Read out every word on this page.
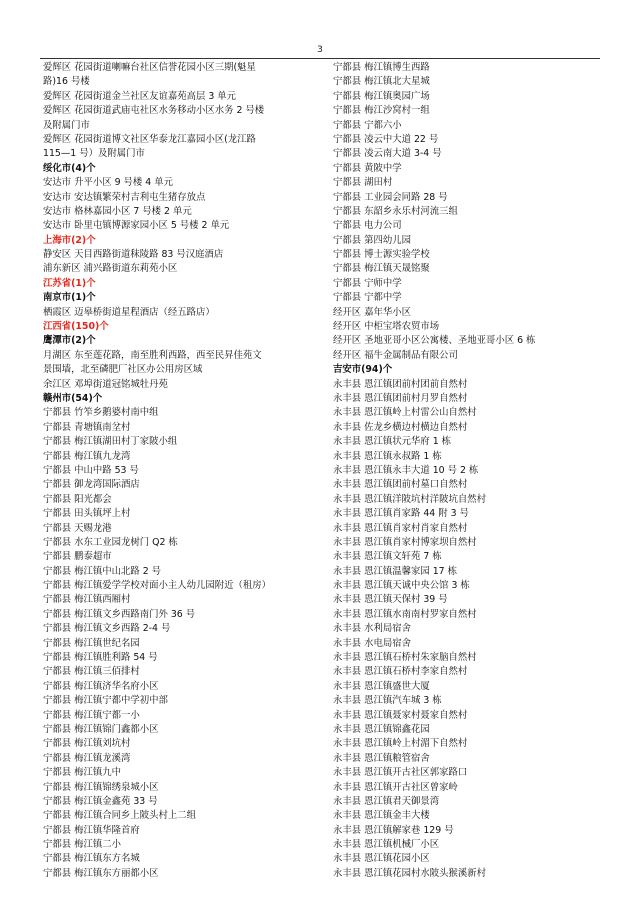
3
爱辉区 花园街道喇嘛台社区信誉花园小区三期(魁星
路)16 号楼
爱辉区 花园街道金兰社区友谊嘉苑高层 3 单元
爱辉区 花园街道武庙屯社区水务移动小区水务 2 号楼
及附属门市
爱辉区 花园街道博文社区华泰龙江嘉园小区(龙江路
115—1 号）及附属门市
绥化市(4)个
安达市 升平小区 9 号楼 4 单元
安达市 安达镇繁荣村吉利屯生猪存放点
安达市 格林嘉园小区 7 号楼 2 单元
安达市 卧里屯镇博源家园小区 5 号楼 2 单元
上海市(2)个
静安区 天目西路街道秣陵路 83 号汉庭酒店
浦东新区 浦兴路街道东莉苑小区
江苏省(1)个
南京市(1)个
栖霞区 迈皋桥街道星程酒店（经五路店）
江西省(150)个
鹰潭市(2)个
月湖区 东至莲花路，南至胜利西路，西至民昇佳苑文
景围墙，北至磷肥厂社区办公用房区域
余江区 邓埠街道冠铭城牡丹苑
赣州市(54)个
宁都县 竹笮乡鹅婆村南中组
宁都县 青塘镇南坌村
宁都县 梅江镇湖田村丁家陂小组
宁都县 梅江镇九龙湾
宁都县 中山中路 53 号
宁都县 御龙湾国际酒店
宁都县 阳光都会
宁都县 田头镇坪上村
宁都县 天赐龙港
宁都县 水东工业园龙树门 Q2 栋
宁都县 鹏泰超市
宁都县 梅江镇中山北路 2 号
宁都县 梅江镇爱学学校对面小主人幼儿园附近（租房）
宁都县 梅江镇西厢村
宁都县 梅江镇文乡西路南门外 36 号
宁都县 梅江镇文乡西路 2-4 号
宁都县 梅江镇世纪名园
宁都县 梅江镇胜利路 54 号
宁都县 梅江镇三佰排村
宁都县 梅江镇济华名府小区
宁都县 梅江镇宁都中学初中部
宁都县 梅江镇宁都一小
宁都县 梅江镇锦门鑫都小区
宁都县 梅江镇刘坑村
宁都县 梅江镇龙溪湾
宁都县 梅江镇九中
宁都县 梅江镇锦绣泉城小区
宁都县 梅江镇金鑫苑 33 号
宁都县 梅江镇合同乡上陂头村上二组
宁都县 梅江镇华隆首府
宁都县 梅江镇二小
宁都县 梅江镇东方名城
宁都县 梅江镇东方丽都小区
宁都县 梅江镇博生西路
宁都县 梅江镇北大星城
宁都县 梅江镇奥园广场
宁都县 梅江沙窝村一组
宁都县 宁都六小
宁都县 凌云中大道 22 号
宁都县 凌云南大道 3-4 号
宁都县 黄陂中学
宁都县 湖田村
宁都县 工业园会同路 28 号
宁都县 东韶乡永乐村河流三组
宁都县 电力公司
宁都县 第四幼儿园
宁都县 博士源实验学校
宁都县 梅江镇天晟铭聚
宁都县 宁师中学
宁都县 宁都中学
经开区 嘉年华小区
经开区 中柜宝塔农贸市场
经开区 圣地亚哥小区公寓楼、圣地亚哥小区 6 栋
经开区 福牛金属制品有限公司
吉安市(94)个
永丰县 恩江镇团前村团前自然村
永丰县 恩江镇团前村月罗自然村
永丰县 恩江镇岭上村雷公山自然村
永丰县 佐龙乡横边村横边自然村
永丰县 恩江镇状元华府 1 栋
永丰县 恩江镇永叔路 1 栋
永丰县 恩江镇永丰大道 10 号 2 栋
永丰县 恩江镇团前村墓口自然村
永丰县 恩江镇洋陂坑村洋陂坑自然村
永丰县 恩江镇肖家路 44 附 3 号
永丰县 恩江镇肖家村肖家自然村
永丰县 恩江镇肖家村博家坝自然村
永丰县 恩江镇文轩苑 7 栋
永丰县 恩江镇温馨家园 17 栋
永丰县 恩江镇天诚中央公馆 3 栋
永丰县 恩江镇天保村 39 号
永丰县 恩江镇水南南村罗家自然村
永丰县 水利局宿舍
永丰县 水电局宿舍
永丰县 恩江镇石桥村朱家脑自然村
永丰县 恩江镇石桥村李家自然村
永丰县 恩江镇盛世大厦
永丰县 恩江镇汽车城 3 栋
永丰县 恩江镇聂家村聂家自然村
永丰县 恩江镇锦鑫花园
永丰县 恩江镇岭上村湄下自然村
永丰县 恩江镇粮管宿舍
永丰县 恩江镇开古社区郭家路口
永丰县 恩江镇开古社区曾家岭
永丰县 恩江镇君天御景湾
永丰县 恩江镇金丰大楼
永丰县 恩江镇解家巷 129 号
永丰县 恩江镇机械厂小区
永丰县 恩江镇花园小区
永丰县 恩江镇花园村水陂头猴溪新村
